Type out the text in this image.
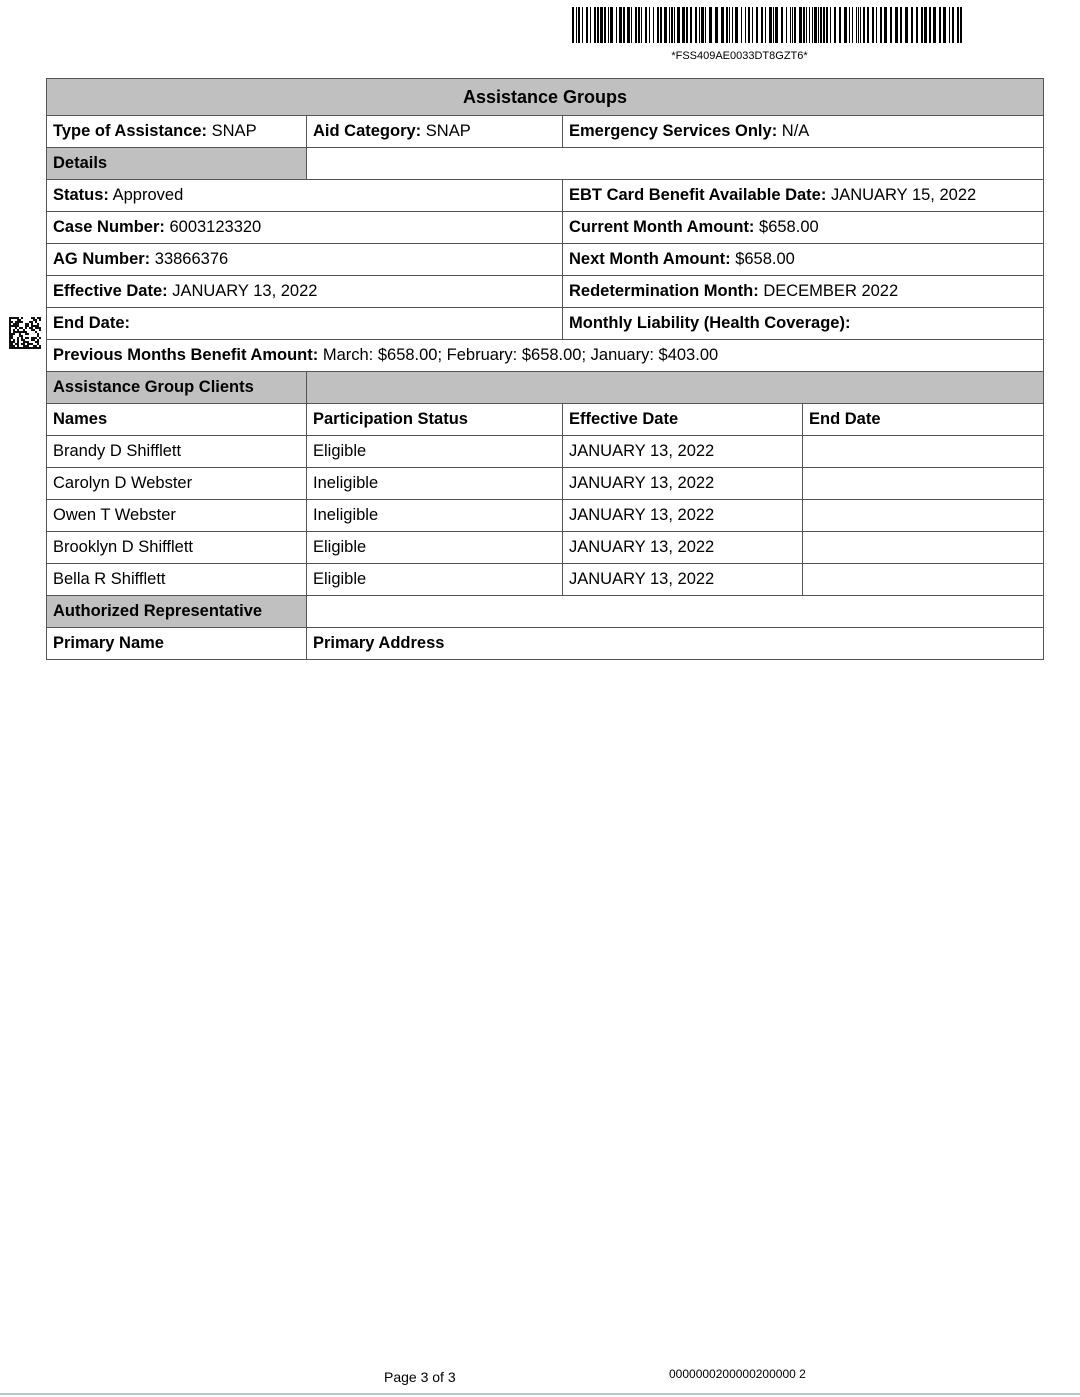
*FSS409AE0033DT8GZT6*
Assistance Groups			
Type of Assistance: SNAP	Aid Category: SNAP	Emergency Services Only: N/A	
Details			
Status: Approved		EBT Card Benefit Available Date: JANUARY 15, 2022	
Case Number: 6003123320		Current Month Amount: $658.00	
AG Number: 33866376		Next Month Amount: $658.00	
Effective Date: JANUARY 13, 2022		Redetermination Month: DECEMBER 2022	
End Date:		Monthly Liability (Health Coverage):	
Previous Months Benefit Amount: March: $658.00; February: $658.00; January: $403.00			
Assistance Group Clients			
Names	Participation Status	Effective Date	End Date
Brandy D Shifflett	Eligible	JANUARY 13, 2022	
Carolyn D Webster	Ineligible	JANUARY 13, 2022	
Owen T Webster	Ineligible	JANUARY 13, 2022	
Brooklyn D Shifflett	Eligible	JANUARY 13, 2022	
Bella R Shifflett	Eligible	JANUARY 13, 2022	
Authorized Representative			
Primary Name	Primary Address		
Page 3 of 3	0000000200000200000 2
